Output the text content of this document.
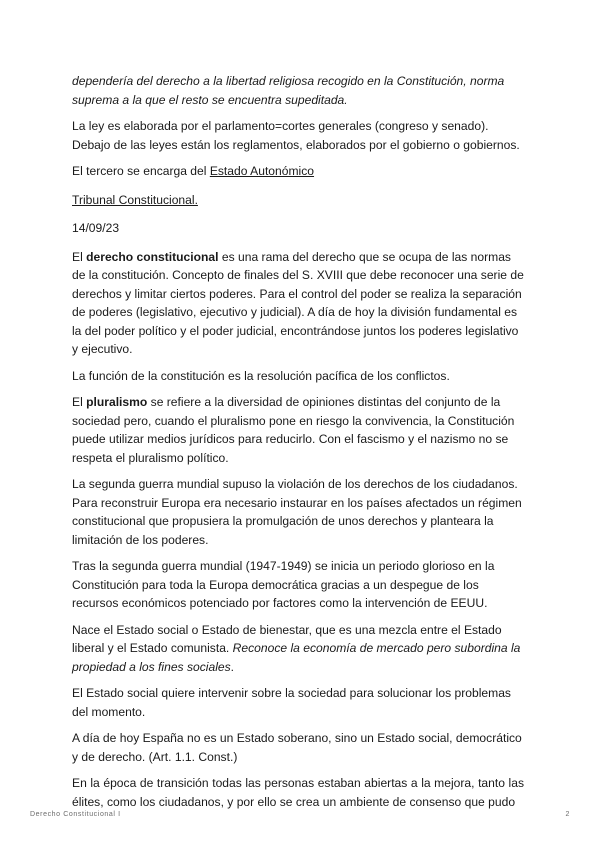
dependería del derecho a la libertad religiosa recogido en la Constitución, norma suprema a la que el resto se encuentra supeditada.

La ley es elaborada por el parlamento=cortes generales (congreso y senado). Debajo de las leyes están los reglamentos, elaborados por el gobierno o gobiernos.

El tercero se encarga del Estado Autonómico

Tribunal Constitucional.

14/09/23

El derecho constitucional es una rama del derecho que se ocupa de las normas de la constitución. Concepto de finales del S. XVIII que debe reconocer una serie de derechos y limitar ciertos poderes. Para el control del poder se realiza la separación de poderes (legislativo, ejecutivo y judicial). A día de hoy la división fundamental es la del poder político y el poder judicial, encontrándose juntos los poderes legislativo y ejecutivo.

La función de la constitución es la resolución pacífica de los conflictos.

El pluralismo se refiere a la diversidad de opiniones distintas del conjunto de la sociedad pero, cuando el pluralismo pone en riesgo la convivencia, la Constitución puede utilizar medios jurídicos para reducirlo. Con el fascismo y el nazismo no se respeta el pluralismo político.

La segunda guerra mundial supuso la violación de los derechos de los ciudadanos. Para reconstruir Europa era necesario instaurar en los países afectados un régimen constitucional que propusiera la promulgación de unos derechos y planteara la limitación de los poderes.

Tras la segunda guerra mundial (1947-1949) se inicia un periodo glorioso en la Constitución para toda la Europa democrática gracias a un despegue de los recursos económicos potenciado por factores como la intervención de EEUU.

Nace el Estado social o Estado de bienestar, que es una mezcla entre el Estado liberal y el Estado comunista. Reconoce la economía de mercado pero subordina la propiedad a los fines sociales.

El Estado social quiere intervenir sobre la sociedad para solucionar los problemas del momento.

A día de hoy España no es un Estado soberano, sino un Estado social, democrático y de derecho. (Art. 1.1. Const.)

En la época de transición todas las personas estaban abiertas a la mejora, tanto las élites, como los ciudadanos, y por ello se crea un ambiente de consenso que pudo

Derecho Constitucional I	2
